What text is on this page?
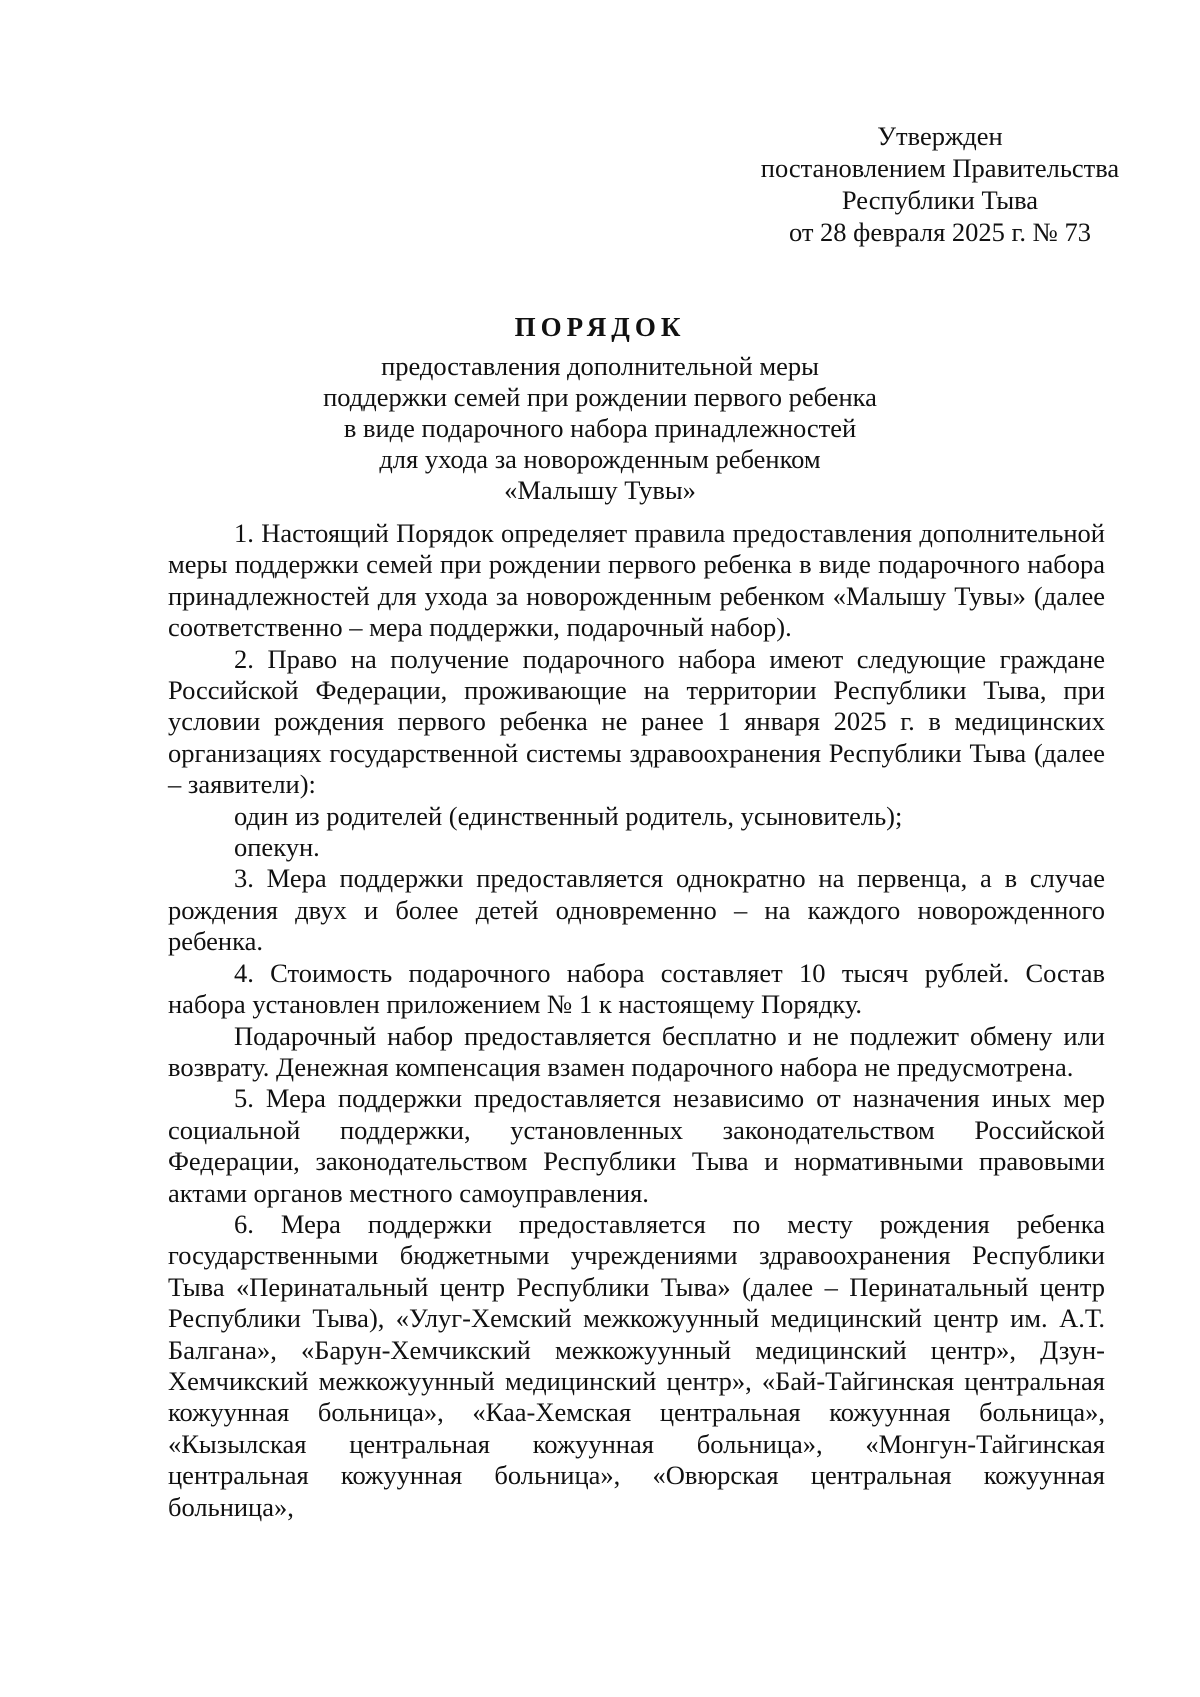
Утвержден
постановлением Правительства
Республики Тыва
от 28 февраля 2025 г. № 73
ПОРЯДОК
предоставления дополнительной меры
поддержки семей при рождении первого ребенка
в виде подарочного набора принадлежностей
для ухода за новорожденным ребенком
«Малышу Тувы»

1. Настоящий Порядок определяет правила предоставления дополнительной меры поддержки семей при рождении первого ребенка в виде подарочного набора принадлежностей для ухода за новорожденным ребенком «Малышу Тувы» (далее соответственно – мера поддержки, подарочный набор).

2. Право на получение подарочного набора имеют следующие граждане Российской Федерации, проживающие на территории Республики Тыва, при условии рождения первого ребенка не ранее 1 января 2025 г. в медицинских организациях государственной системы здравоохранения Республики Тыва (далее – заявители):

один из родителей (единственный родитель, усыновитель);

опекун.

3. Мера поддержки предоставляется однократно на первенца, а в случае рождения двух и более детей одновременно – на каждого новорожденного ребенка.

4. Стоимость подарочного набора составляет 10 тысяч рублей. Состав набора установлен приложением № 1 к настоящему Порядку.

Подарочный набор предоставляется бесплатно и не подлежит обмену или возврату. Денежная компенсация взамен подарочного набора не предусмотрена.

5. Мера поддержки предоставляется независимо от назначения иных мер социальной поддержки, установленных законодательством Российской Федерации, законодательством Республики Тыва и нормативными правовыми актами органов местного самоуправления.

6. Мера поддержки предоставляется по месту рождения ребенка государственными бюджетными учреждениями здравоохранения Республики Тыва «Перинатальный центр Республики Тыва» (далее – Перинатальный центр Республики Тыва), «Улуг-Хемский межкожуунный медицинский центр им. А.Т. Балгана», «Барун-Хемчикский межкожуунный медицинский центр», Дзун-Хемчикский межкожуунный медицинский центр», «Бай-Тайгинская центральная кожуунная больница», «Каа-Хемская центральная кожуунная больница», «Кызылская центральная кожуунная больница», «Монгун-Тайгинская центральная кожуунная больница», «Овюрская центральная кожуунная больница»,
